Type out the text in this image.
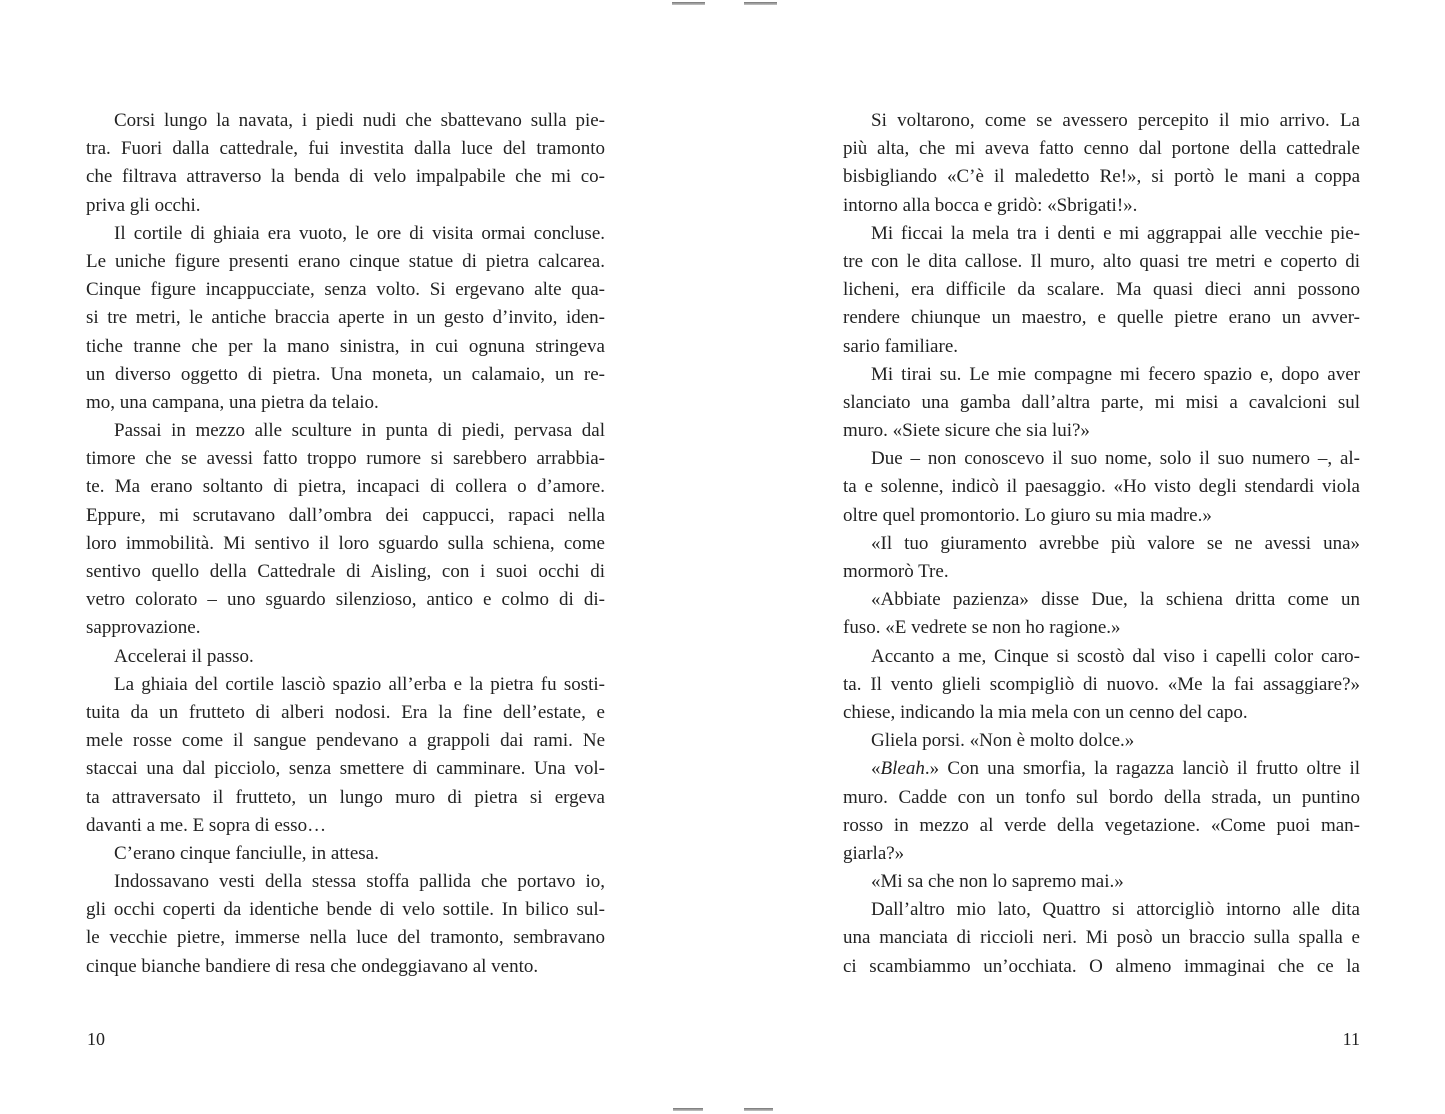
Corsi lungo la navata, i piedi nudi che sbattevano sulla pie-
tra. Fuori dalla cattedrale, fui investita dalla luce del tramonto
che filtrava attraverso la benda di velo impalpabile che mi co-
priva gli occhi.
Il cortile di ghiaia era vuoto, le ore di visita ormai concluse.
Le uniche figure presenti erano cinque statue di pietra calcarea.
Cinque figure incappucciate, senza volto. Si ergevano alte qua-
si tre metri, le antiche braccia aperte in un gesto d’invito, iden-
tiche tranne che per la mano sinistra, in cui ognuna stringeva
un diverso oggetto di pietra. Una moneta, un calamaio, un re-
mo, una campana, una pietra da telaio.
Passai in mezzo alle sculture in punta di piedi, pervasa dal
timore che se avessi fatto troppo rumore si sarebbero arrabbia-
te. Ma erano soltanto di pietra, incapaci di collera o d’amore.
Eppure, mi scrutavano dall’ombra dei cappucci, rapaci nella
loro immobilità. Mi sentivo il loro sguardo sulla schiena, come
sentivo quello della Cattedrale di Aisling, con i suoi occhi di
vetro colorato – uno sguardo silenzioso, antico e colmo di di-
sapprovazione.
Accelerai il passo.
La ghiaia del cortile lasciò spazio all’erba e la pietra fu sosti-
tuita da un frutteto di alberi nodosi. Era la fine dell’estate, e
mele rosse come il sangue pendevano a grappoli dai rami. Ne
staccai una dal picciolo, senza smettere di camminare. Una vol-
ta attraversato il frutteto, un lungo muro di pietra si ergeva
davanti a me. E sopra di esso…
C’erano cinque fanciulle, in attesa.
Indossavano vesti della stessa stoffa pallida che portavo io,
gli occhi coperti da identiche bende di velo sottile. In bilico sul-
le vecchie pietre, immerse nella luce del tramonto, sembravano
cinque bianche bandiere di resa che ondeggiavano al vento.
Si voltarono, come se avessero percepito il mio arrivo. La
più alta, che mi aveva fatto cenno dal portone della cattedrale
bisbigliando «C’è il maledetto Re!», si portò le mani a coppa
intorno alla bocca e gridò: «Sbrigati!».
Mi ficcai la mela tra i denti e mi aggrappai alle vecchie pie-
tre con le dita callose. Il muro, alto quasi tre metri e coperto di
licheni, era difficile da scalare. Ma quasi dieci anni possono
rendere chiunque un maestro, e quelle pietre erano un avver-
sario familiare.
Mi tirai su. Le mie compagne mi fecero spazio e, dopo aver
slanciato una gamba dall’altra parte, mi misi a cavalcioni sul
muro. «Siete sicure che sia lui?»
Due – non conoscevo il suo nome, solo il suo numero –, al-
ta e solenne, indicò il paesaggio. «Ho visto degli stendardi viola
oltre quel promontorio. Lo giuro su mia madre.»
«Il tuo giuramento avrebbe più valore se ne avessi una»
mormorò Tre.
«Abbiate pazienza» disse Due, la schiena dritta come un
fuso. «E vedrete se non ho ragione.»
Accanto a me, Cinque si scostò dal viso i capelli color caro-
ta. Il vento glieli scompigliò di nuovo. «Me la fai assaggiare?»
chiese, indicando la mia mela con un cenno del capo.
Gliela porsi. «Non è molto dolce.»
«Bleah.» Con una smorfia, la ragazza lanciò il frutto oltre il
muro. Cadde con un tonfo sul bordo della strada, un puntino
rosso in mezzo al verde della vegetazione. «Come puoi man-
giarla?»
«Mi sa che non lo sapremo mai.»
Dall’altro mio lato, Quattro si attorcigliò intorno alle dita
una manciata di riccioli neri. Mi posò un braccio sulla spalla e
ci scambiammo un’occhiata. O almeno immaginai che ce la
10	11
